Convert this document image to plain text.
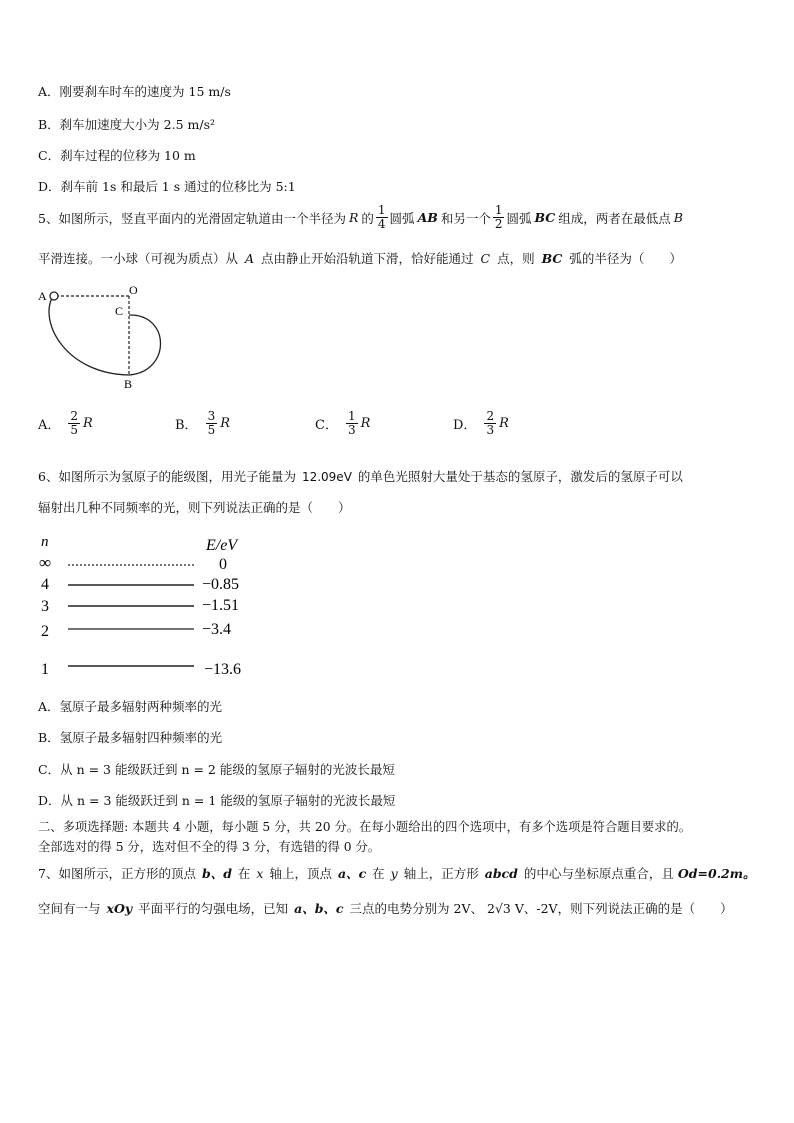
A．刚要刹车时车的速度为 15 m/s
B．刹车加速度大小为 2.5 m/s²
C．刹车过程的位移为 10 m
D．刹车前 1s 和最后 1 s 通过的位移比为 5:1
5、如图所示，竖直平面内的光滑固定轨道由一个半径为 R 的 $\frac{1}{4}$ 圆弧 AB 和另一个 $\frac{1}{2}$ 圆弧 BC 组成，两者在最低点 B
平滑连接。一小球（可视为质点）从 A 点由静止开始沿轨道下滑，恰好能通过 C 点，则 BC 弧的半径为（　　）
A	O
C
B
A． $\frac{2}{5}$ R	B． $\frac{3}{5}$ R	C． $\frac{1}{3}$ R	D． $\frac{2}{3}$ R
6、如图所示为氢原子的能级图，用光子能量为 12.09eV 的单色光照射大量处于基态的氢原子，激发后的氢原子可以
辐射出几种不同频率的光，则下列说法正确的是（　　）
n	E/eV
∞	0
4	−0.85
3	−1.51
2	−3.4
1	−13.6
A．氢原子最多辐射两种频率的光
B．氢原子最多辐射四种频率的光
C．从 n = 3 能级跃迁到 n = 2 能级的氢原子辐射的光波长最短
D．从 n = 3 能级跃迁到 n = 1 能级的氢原子辐射的光波长最短
二、多项选择题: 本题共 4 小题，每小题 5 分，共 20 分。在每小题给出的四个选项中，有多个选项是符合题目要求的。
全部选对的得 5 分，选对但不全的得 3 分，有选错的得 0 分。
7、如图所示，正方形的顶点 b、d 在 x 轴上，顶点 a、c 在 y 轴上，正方形 abcd 的中心与坐标原点重合，且 Od=0.2m。
空间有一与 xOy 平面平行的匀强电场，已知 a、b、c 三点的电势分别为 2V、 2√3 V、-2V，则下列说法正确的是（　　）
